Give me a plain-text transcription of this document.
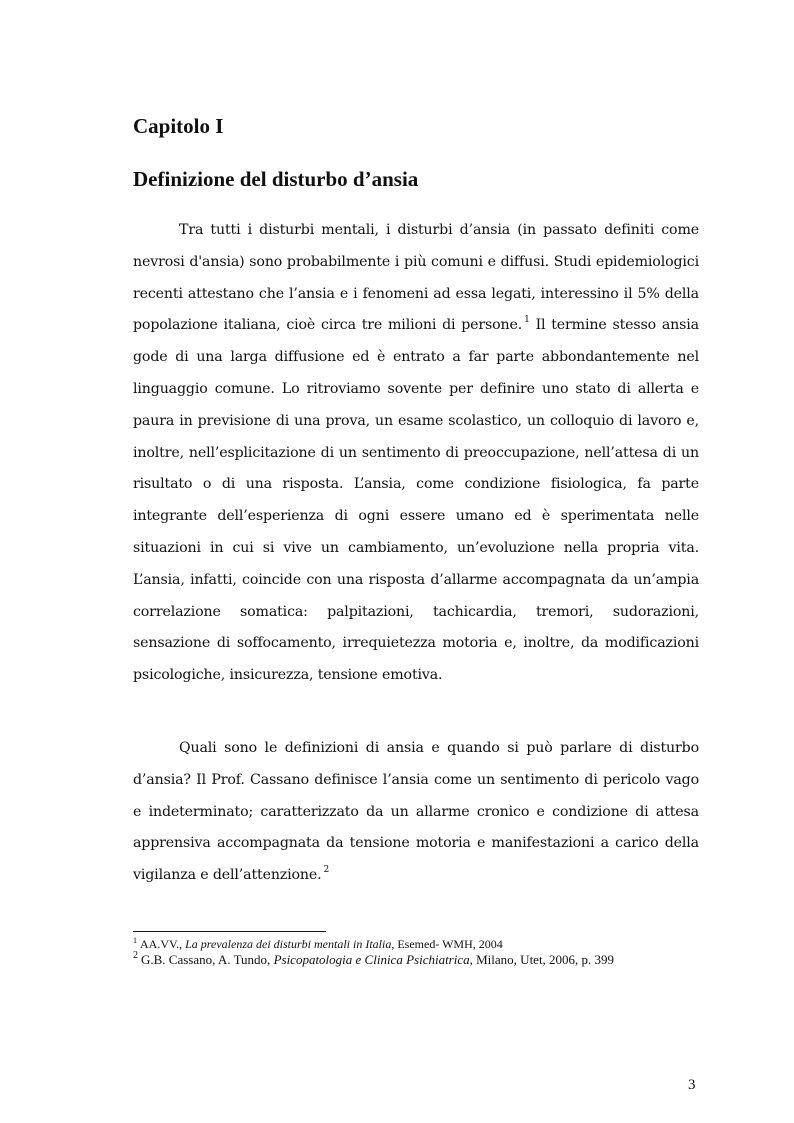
Capitolo I
Definizione del disturbo d’ansia

Tra tutti i disturbi mentali, i disturbi d’ansia (in passato definiti come nevrosi d'ansia) sono probabilmente i più comuni e diffusi. Studi epidemiologici recenti attestano che l’ansia e i fenomeni ad essa legati, interessino il 5% della popolazione italiana, cioè circa tre milioni di persone. $^1$ Il termine stesso ansia gode di una larga diffusione ed è entrato a far parte abbondantemente nel linguaggio comune. Lo ritroviamo sovente per definire uno stato di allerta e paura in previsione di una prova, un esame scolastico, un colloquio di lavoro e, inoltre, nell’esplicitazione di un sentimento di preoccupazione, nell’attesa di un risultato o di una risposta. L’ansia, come condizione fisiologica, fa parte integrante dell’esperienza di ogni essere umano ed è sperimentata nelle situazioni in cui si vive un cambiamento, un’evoluzione nella propria vita. L’ansia, infatti, coincide con una risposta d’allarme accompagnata da un’ampia correlazione somatica: palpitazioni, tachicardia, tremori, sudorazioni, sensazione di soffocamento, irrequietezza motoria e, inoltre, da modificazioni psicologiche, insicurezza, tensione emotiva.

Quali sono le definizioni di ansia e quando si può parlare di disturbo d’ansia? Il Prof. Cassano definisce l’ansia come un sentimento di pericolo vago e indeterminato; caratterizzato da un allarme cronico e condizione di attesa apprensiva accompagnata da tensione motoria e manifestazioni a carico della vigilanza e dell’attenzione. $^2$

$^1$ AA.VV., La prevalenza dei disturbi mentali in Italia, Esemed- WMH, 2004
$^2$ G.B. Cassano, A. Tundo, Psicopatologia e Clinica Psichiatrica, Milano, Utet, 2006, p. 399
3
